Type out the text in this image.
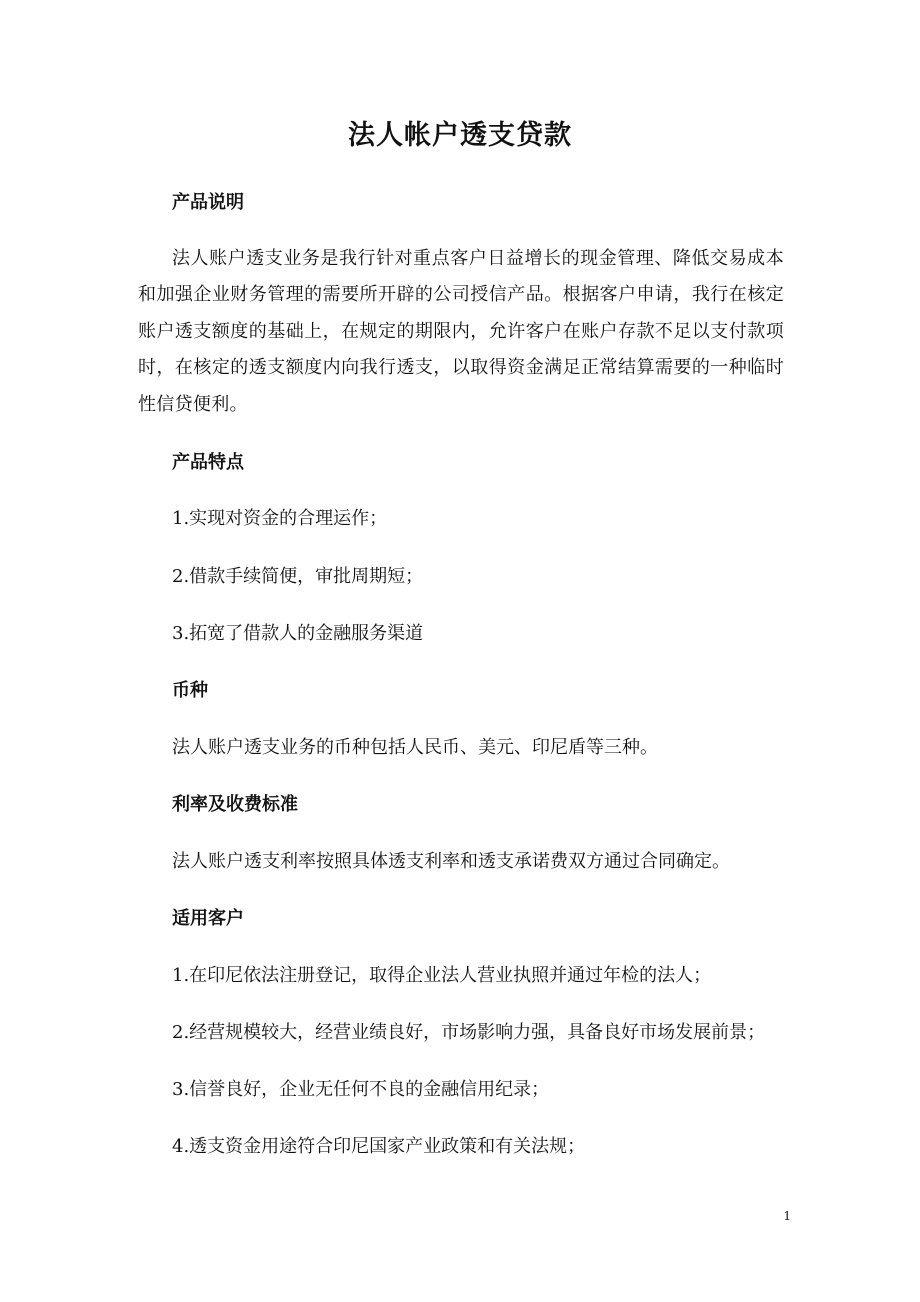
法人帐户透支贷款
产品说明
法人账户透支业务是我行针对重点客户日益增长的现金管理、降低交易成本和加强企业财务管理的需要所开辟的公司授信产品。根据客户申请，我行在核定账户透支额度的基础上，在规定的期限内，允许客户在账户存款不足以支付款项时，在核定的透支额度内向我行透支，以取得资金满足正常结算需要的一种临时性信贷便利。
产品特点
1.实现对资金的合理运作；
2.借款手续简便，审批周期短；
3.拓宽了借款人的金融服务渠道
币种
法人账户透支业务的币种包括人民币、美元、印尼盾等三种。
利率及收费标准
法人账户透支利率按照具体透支利率和透支承诺费双方通过合同确定。
适用客户
1.在印尼依法注册登记，取得企业法人营业执照并通过年检的法人；
2.经营规模较大，经营业绩良好，市场影响力强，具备良好市场发展前景；
3.信誉良好，企业无任何不良的金融信用纪录；
4.透支资金用途符合印尼国家产业政策和有关法规；
1
